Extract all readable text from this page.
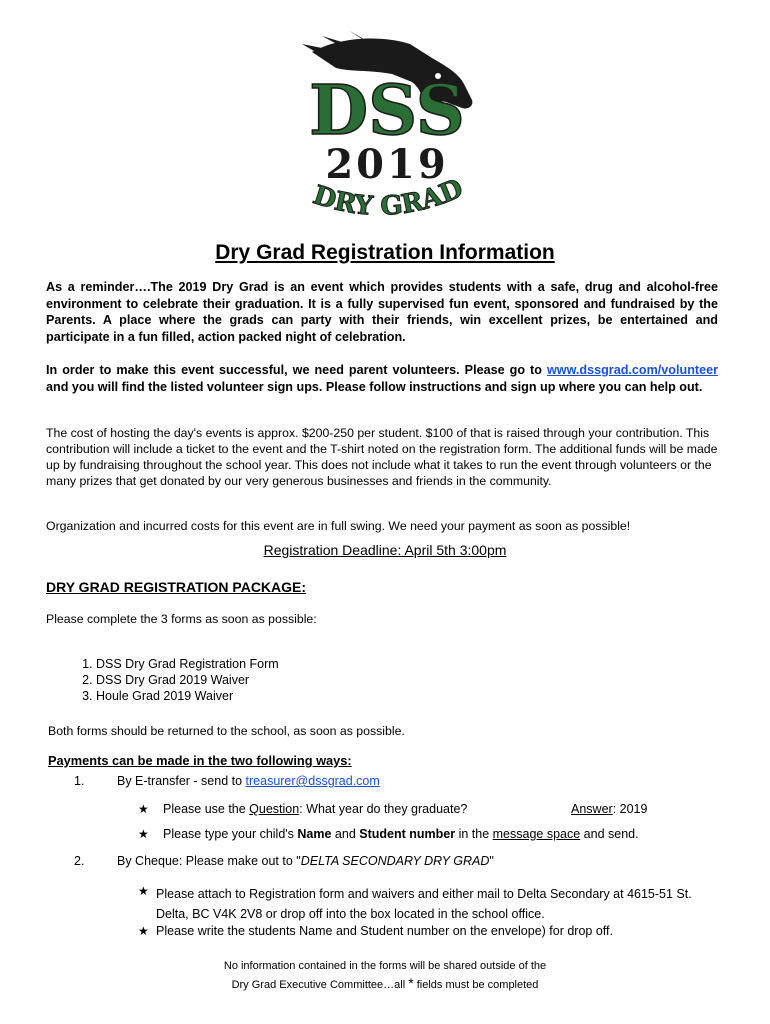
DSS
2019
DRY GRAD
Dry Grad Registration Information
As a reminder….The 2019 Dry Grad is an event which provides students with a safe, drug and alcohol-free environment to celebrate their graduation. It is a fully supervised fun event, sponsored and fundraised by the Parents. A place where the grads can party with their friends, win excellent prizes, be entertained and participate in a fun filled, action packed night of celebration.
In order to make this event successful, we need parent volunteers. Please go to www.dssgrad.com/volunteer and you will find the listed volunteer sign ups. Please follow instructions and sign up where you can help out.
The cost of hosting the day's events is approx. $200-250 per student. $100 of that is raised through your contribution. This contribution will include a ticket to the event and the T-shirt noted on the registration form. The additional funds will be made up by fundraising throughout the school year. This does not include what it takes to run the event through volunteers or the many prizes that get donated by our very generous businesses and friends in the community.
Organization and incurred costs for this event are in full swing. We need your payment as soon as possible!
Registration Deadline: April 5th 3:00pm
DRY GRAD REGISTRATION PACKAGE:
Please complete the 3 forms as soon as possible:
1. DSS Dry Grad Registration Form
2. DSS Dry Grad 2019 Waiver
3. Houle Grad 2019 Waiver
Both forms should be returned to the school, as soon as possible.
Payments can be made in the two following ways:
1.	By E-transfer - send to treasurer@dssgrad.com
★ Please use the Question: What year do they graduate?	Answer: 2019
★ Please type your child's Name and Student number in the message space and send.
2.	By Cheque: Please make out to "DELTA SECONDARY DRY GRAD"
★ Please attach to Registration form and waivers and either mail to Delta Secondary at 4615-51 St.
Delta, BC V4K 2V8 or drop off into the box located in the school office.
★ Please write the students Name and Student number on the envelope) for drop off.
No information contained in the forms will be shared outside of the
Dry Grad Executive Committee…all * fields must be completed
